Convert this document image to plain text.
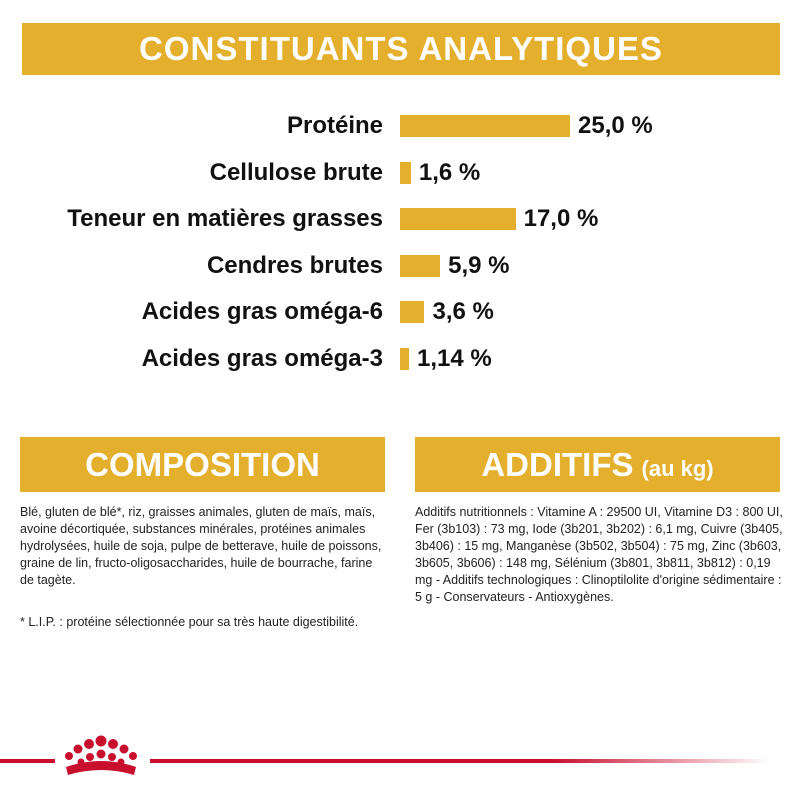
CONSTITUANTS ANALYTIQUES
Protéine	25,0 %
Cellulose brute 1,6 %
Teneur en matières grasses	17,0 %
Cendres brutes	5,9 %
Acides gras oméga-6 3,6 %
Acides gras oméga-3 1,14 %
COMPOSITION
Blé, gluten de blé*, riz, graisses animales, gluten de maïs, maïs, avoine décortiquée, substances minérales, protéines animales hydrolysées, huile de soja, pulpe de betterave, huile de poissons, graine de lin, fructo-oligosaccharides, huile de bourrache, farine de tagète.
* L.I.P. : protéine sélectionnée pour sa très haute digestibilité.
ADDITIFS (au kg)
Additifs nutritionnels : Vitamine A : 29500 UI, Vitamine D3 : 800 UI, Fer (3b103) : 73 mg, Iode (3b201, 3b202) : 6,1 mg, Cuivre (3b405, 3b406) : 15 mg, Manganèse (3b502, 3b504) : 75 mg, Zinc (3b603, 3b605, 3b606) : 148 mg, Sélénium (3b801, 3b811, 3b812) : 0,19 mg - Additifs technologiques : Clinoptilolite d'origine sédimentaire : 5 g - Conservateurs - Antioxygènes.
